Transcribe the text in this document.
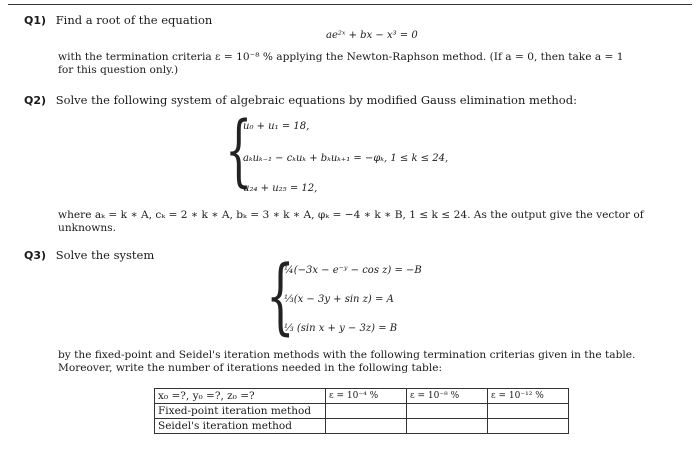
Q1) Find a root of the equation
ae²ˣ + bx − x³ = 0
with the termination criteria ε = 10⁻⁸ % applying the Newton-Raphson method. (If a = 0, then take a = 1
for this question only.)
Q2) Solve the following system of algebraic equations by modified Gauss elimination method:
{
u₀ + u₁ = 18,
aₖuₖ₋₁ − cₖuₖ + bₖuₖ₊₁ = −φₖ, 1 ≤ k ≤ 24,
u₂₄ + u₂₅ = 12,
where aₖ = k ∗ A, cₖ = 2 ∗ k ∗ A, bₖ = 3 ∗ k ∗ A, φₖ = −4 ∗ k ∗ B, 1 ≤ k ≤ 24. As the output give the vector of
unknowns.
Q3) Solve the system {
¼(−3x − e⁻ʸ − cos z) = −B
⅓(x − 3y + sin z) = A
⅓ (sin x + y − 3z) = B
by the fixed-point and Seidel's iteration methods with the following termination criterias given in the table.
Moreover, write the number of iterations needed in the following table:
x₀ =?, y₀ =?, z₀ =?	ε = 10⁻⁴ %	ε = 10⁻⁸ %	ε = 10⁻¹² %
Fixed-point iteration method			
Seidel's iteration method			
